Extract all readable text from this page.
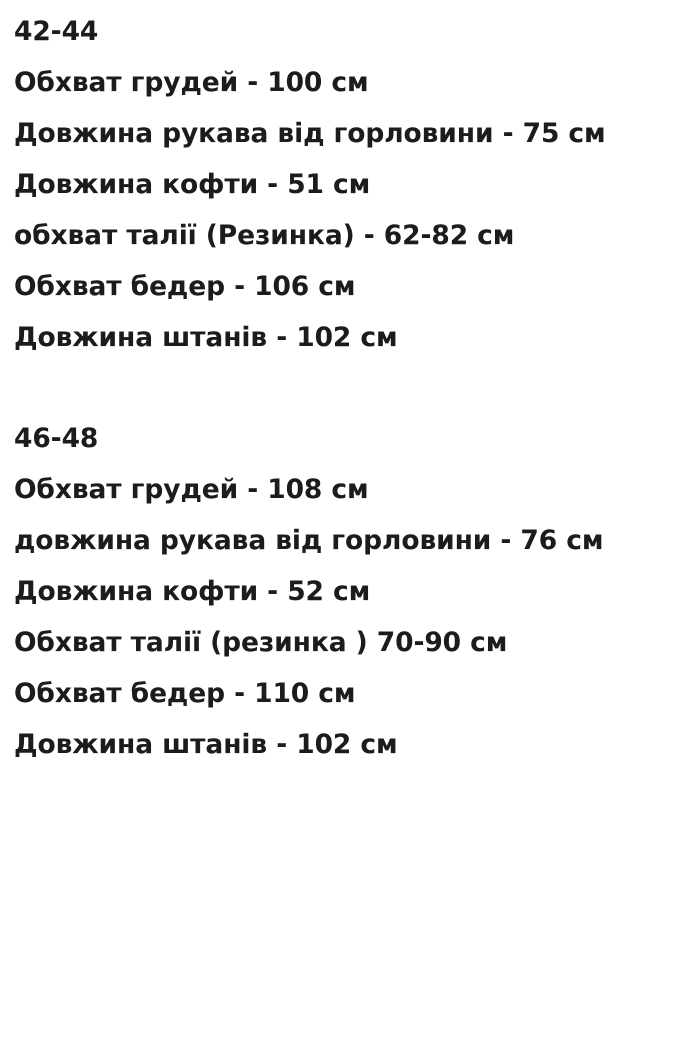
42-44
Обхват грудей - 100 см
Довжина рукава від горловини - 75 см
Довжина кофти - 51 см
обхват талії (Резинка) - 62-82 см
Обхват бедер - 106 см
Довжина штанів - 102 см
46-48
Обхват грудей - 108 см
довжина рукава від горловини - 76 см
Довжина кофти - 52 см
Обхват талії (резинка ) 70-90 см
Обхват бедер - 110 см
Довжина штанів - 102 см
